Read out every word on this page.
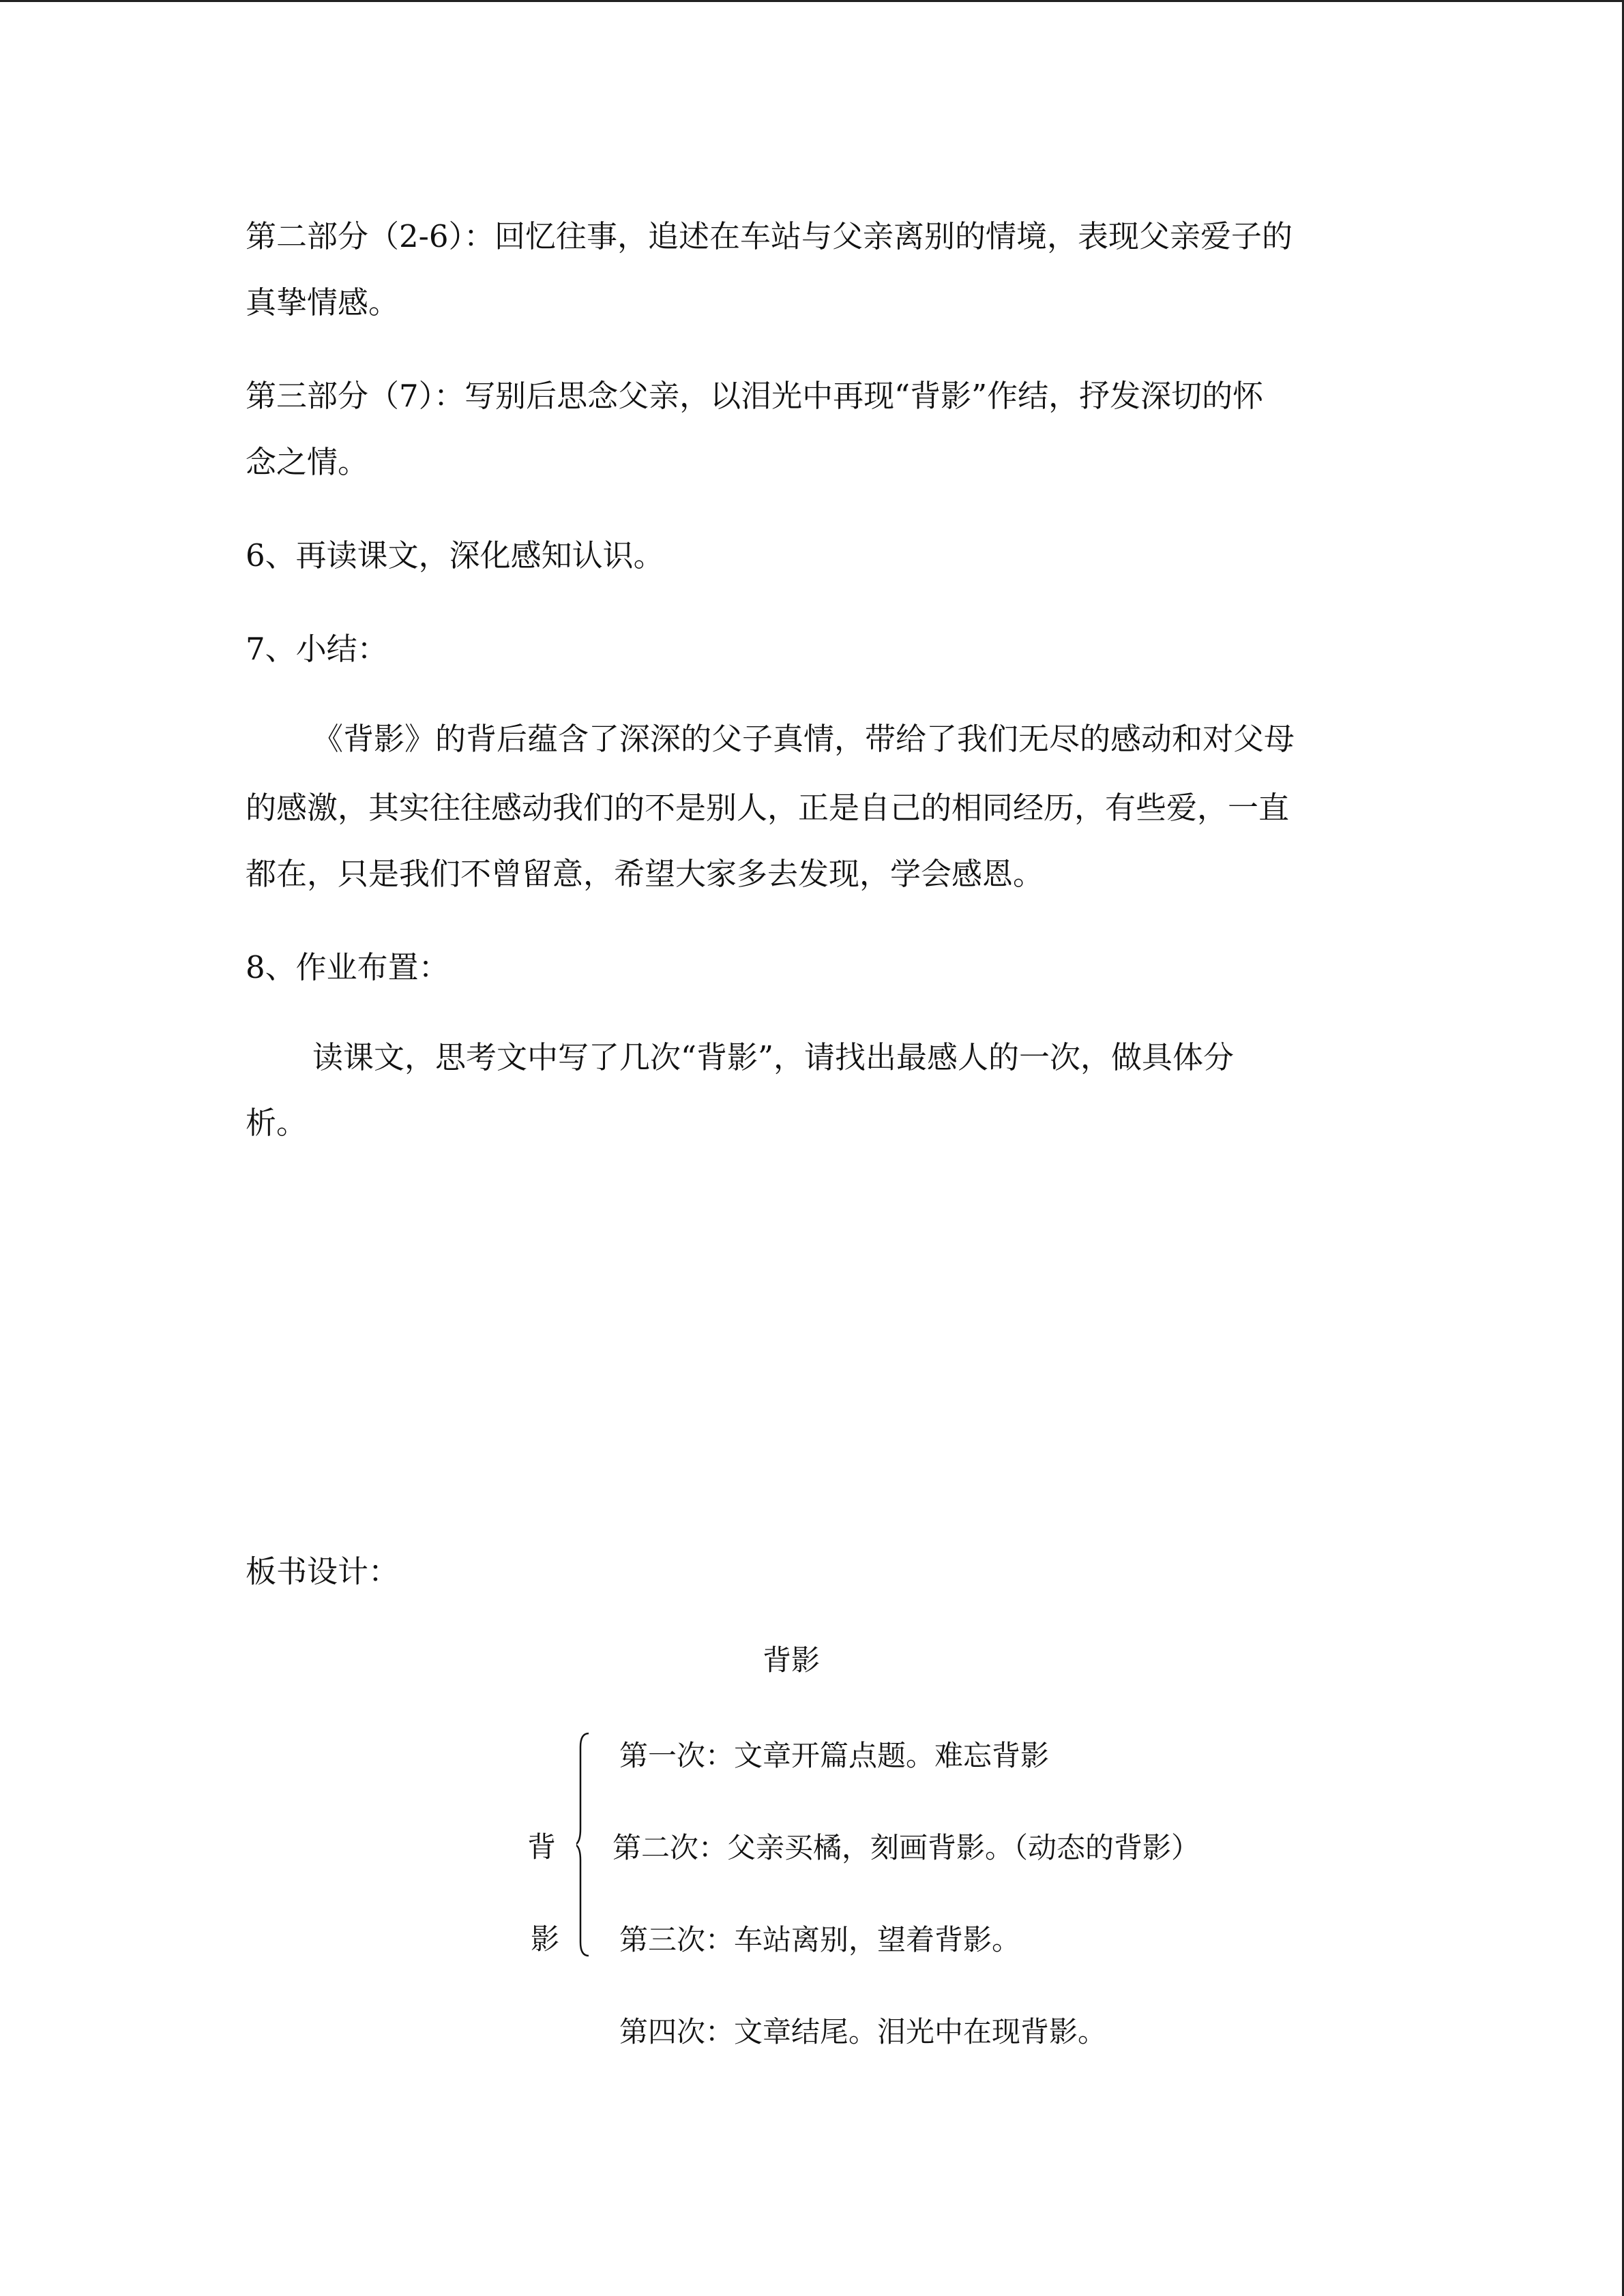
第二部分（2-6）：回忆往事，追述在车站与父亲离别的情境，表现父亲爱子的
真挚情感。
第三部分（7）：写别后思念父亲，以泪光中再现“背影”作结，抒发深切的怀
念之情。
6、再读课文，深化感知认识。
7、小结：
《背影》的背后蕴含了深深的父子真情，带给了我们无尽的感动和对父母
的感激，其实往往感动我们的不是别人，正是自己的相同经历，有些爱，一直
都在，只是我们不曾留意，希望大家多去发现，学会感恩。
8、作业布置：
读课文，思考文中写了几次“背影”，请找出最感人的一次，做具体分
析。
板书设计：
背影
背
影
第一次：文章开篇点题。难忘背影
第二次：父亲买橘，刻画背影。（动态的背影）
第三次：车站离别，望着背影。
第四次：文章结尾。泪光中在现背影。
